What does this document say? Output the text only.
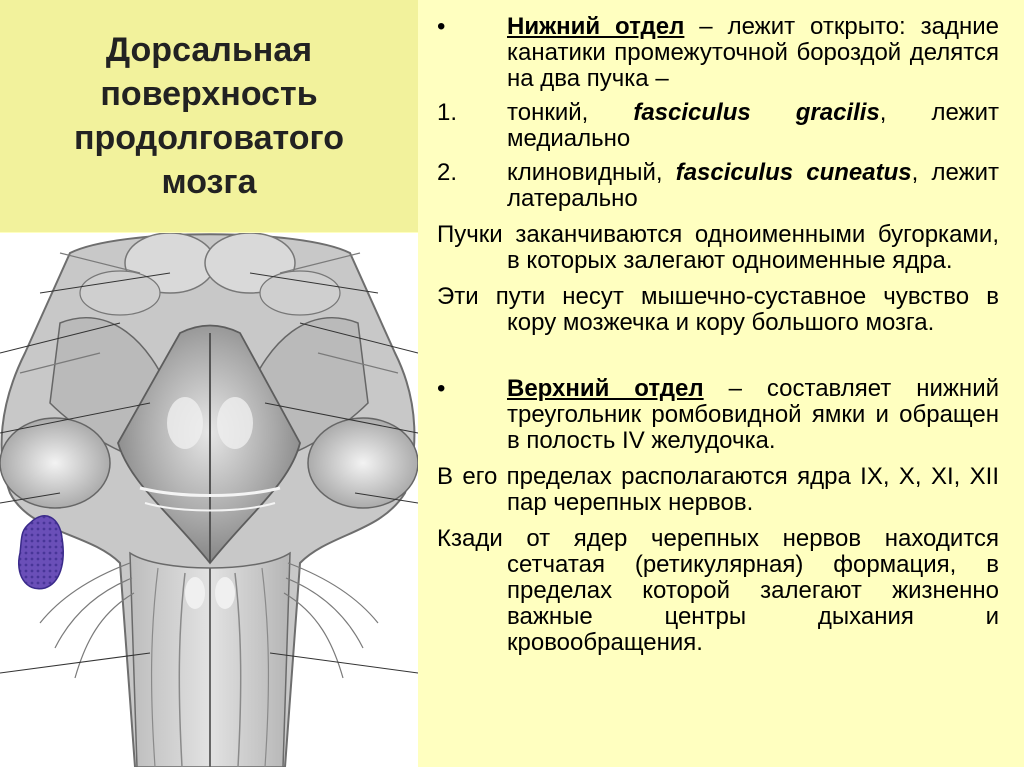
Дорсальная поверхность продолговатого мозга
•	Нижний отдел – лежит открыто: задние канатики промежуточной бороздой делятся на два пучка –
1. тонкий, fasciculus gracilis, лежит медиально
2. клиновидный, fasciculus cuneatus, лежит латерально
Пучки заканчиваются одноименными бугорками, в которых залегают одноименные ядра.
Эти пути несут мышечно-суставное чувство в кору мозжечка и кору большого мозга.
•	Верхний отдел – составляет нижний треугольник ромбовидной ямки и обращен в полость IV желудочка.
В его пределах располагаются ядра IX, X, XI, XII пар черепных нервов.
Кзади от ядер черепных нервов находится сетчатая (ретикулярная) формация, в пределах которой залегают жизненно важные центры дыхания и кровообращения.
